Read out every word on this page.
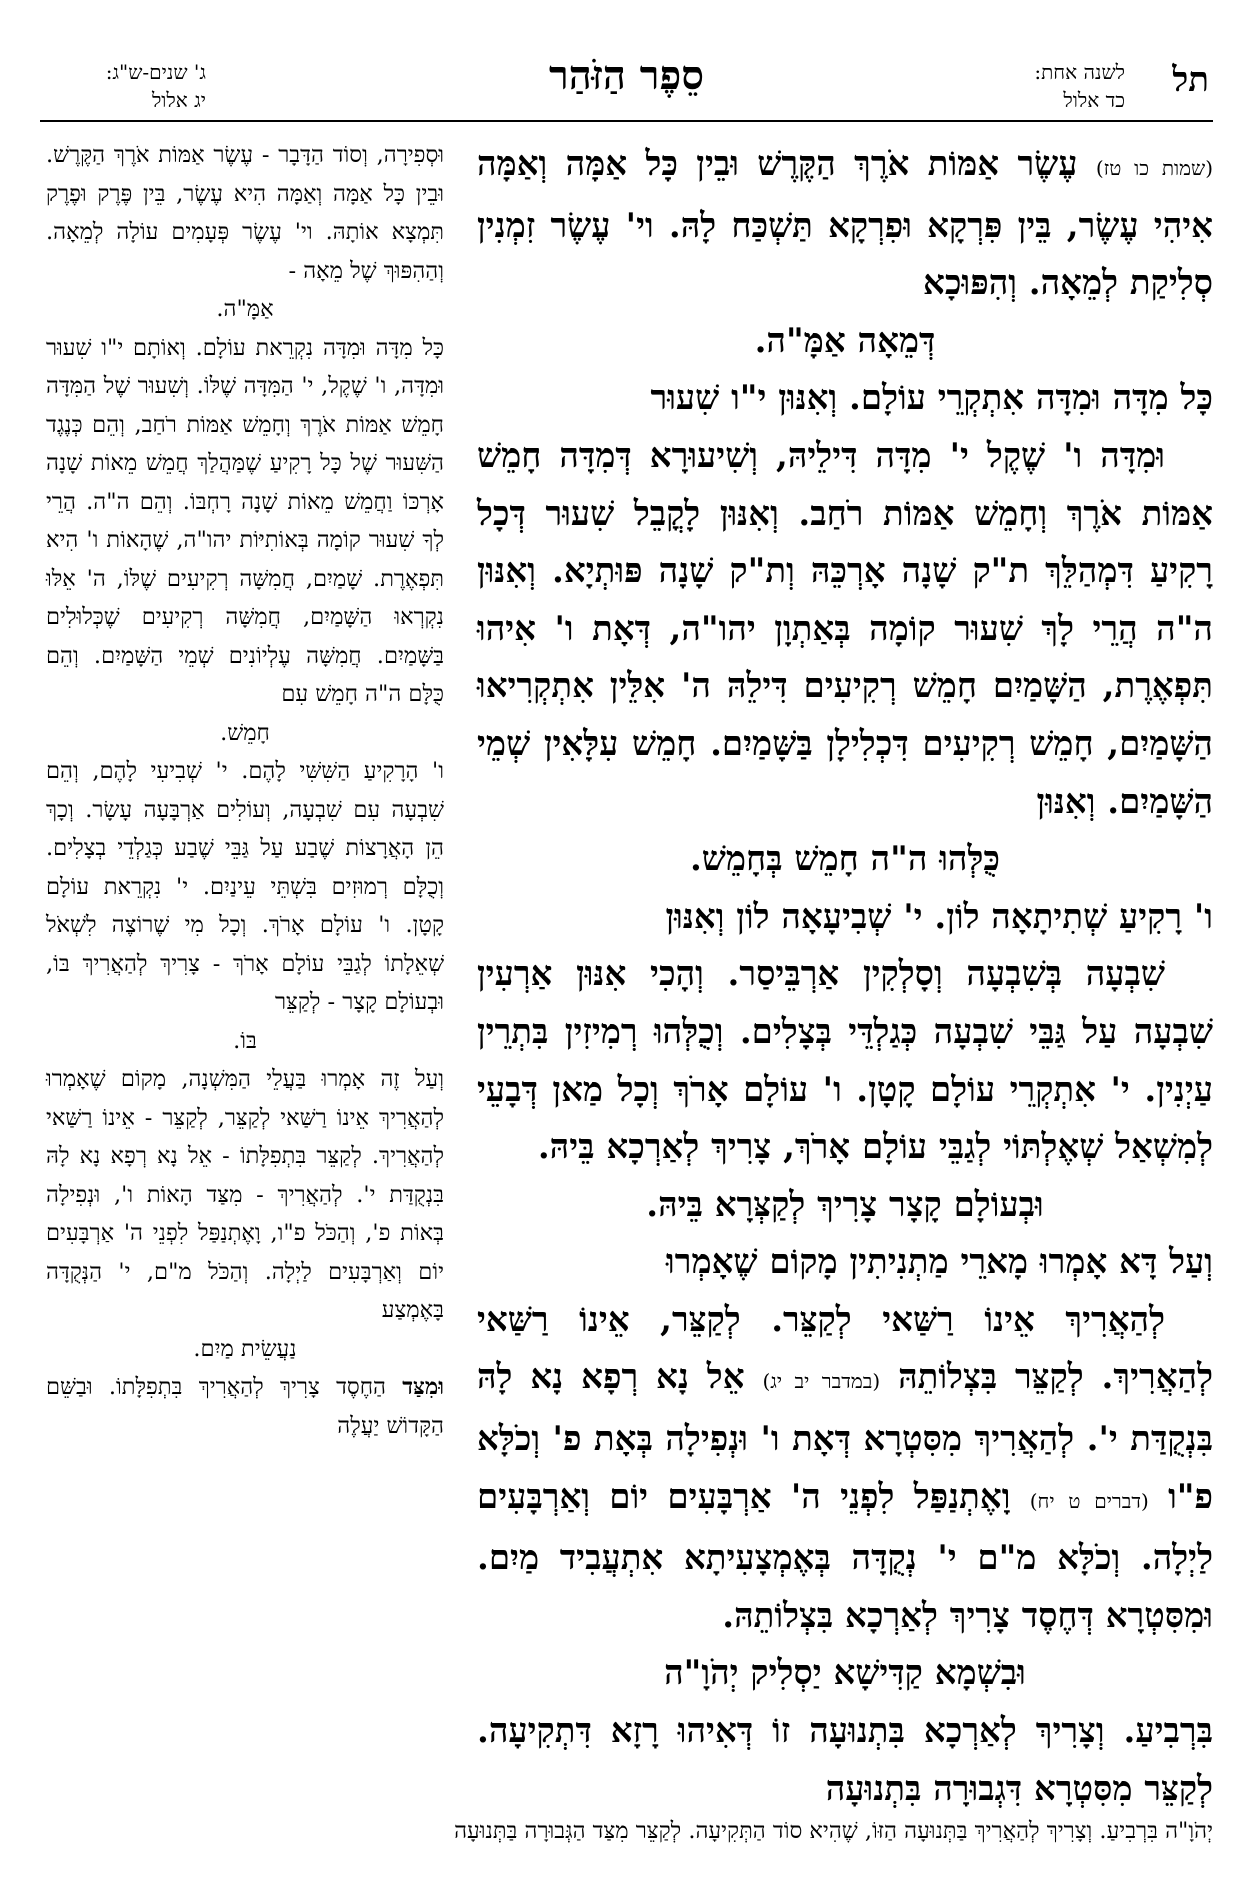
תל
לשנה אחת:
כד אלול
סֵפֶר הַזֹּהַר
ג' שנים-ש"ג:
יג אלול

(שמות כו טז) עֶשֶׂר אַמּוֹת אֹרֶךְ הַקֶּרֶשׁ וּבֵין כָּל אַמָּה וְאַמָּה אִיהִי עֶשֶׂר, בֵּין פִּרְקָא וּפִרְקָא תַּשְׁכַּח לָהּ. וי' עֶשֶׂר זִמְנִין סְלִיקַת לְמֵאָה. וְהִפּוּכָא

דְּמֵאָה אַמָּ"ה.

כָּל מִדָּה וּמִדָּה אִתְקְרֵי עוֹלָם. וְאִנּוּן י"ו שִׁעוּר

וּמִדָּה ו' שֶׁקֶל י' מִדָּה דִּילֵיהּ, וְשִׁיעוּרָא דְּמִדָּה חָמֵשׁ אַמּוֹת אֹרֶךְ וְחָמֵשׁ אַמּוֹת רֹחַב. וְאִנּוּן לָקֳבֵל שִׁעוּר דְּכָל רָקִיעַ דִּמְהַלֵּךְ ת"ק שָׁנָה אָרְכֵּהּ וְת"ק שָׁנָה פּוּתְיָא. וְאִנּוּן ה"ה הֲרֵי לָךְ שִׁעוּר קוֹמָה בְּאַתְוָן יהו"ה, דְּאָת ו' אִיהוּ תִּפְאֶרֶת, הַשָּׁמַיִם חָמֵשׁ רְקִיעִים דִּילֵהּ ה' אִלֵּין אִתְקְרִיאוּ הַשָּׁמַיִם, חָמֵשׁ רְקִיעִים דִּכְלִילָן בַּשָּׁמַיִם. חָמֵשׁ עִלָּאִין שְׁמֵי הַשָּׁמַיִם. וְאִנּוּן

כֻּלְּהוּ ה"ה חָמֵשׁ בְּחָמֵשׁ.

ו' רָקִיעַ שְׁתִיתָאָה לוֹן. י' שְׁבִיעָאָה לוֹן וְאִנּוּן

שִׁבְעָה בְּשִׁבְעָה וְסָלְקִין אַרְבֵּיסַר. וְהָכִי אִנּוּן אַרְעִין שִׁבְעָה עַל גַּבֵּי שִׁבְעָה כְּגַלְדֵּי בְּצָלִים. וְכֻלְּהוּ רְמִיזִין בִּתְרֵין עַיְנִין. י' אִתְקְרֵי עוֹלָם קָטָן. ו' עוֹלָם אָרֹךְ וְכָל מַאן דְּבָעֵי לְמִשְׁאַל שְׁאֶלְתּוֹי לְגַבֵּי עוֹלָם אָרֹךְ, צָרִיךְ לְאַרְכָא בֵּיהּ.

וּבְעוֹלָם קָצָר צָרִיךְ לְקַצְּרָא בֵּיהּ.

וְעַל דָּא אָמְרוּ מָארֵי מַתְנִיתִין מָקוֹם שֶׁאָמְרוּ

לְהַאֲרִיךְ אֵינוֹ רַשַּׁאי לְקַצֵּר. לְקַצֵּר, אֵינוֹ רַשַּׁאי לְהַאֲרִיךְ. לְקַצֵּר בִּצְלוֹתֵהּ (במדבר יב יג) אֵל נָא רְפָא נָא לָהּ בִּנְקֻדַּת י'. לְהַאֲרִיךְ מִסִּטְרָא דְּאָת ו' וּנְפִילָה בְּאָת פ' וְכֹלָּא פ"ו (דברים ט יח) וָאֶתְנַפַּל לִפְנֵי ה' אַרְבָּעִים יוֹם וְאַרְבָּעִים לַיְלָה. וְכֹלָּא מ"ם י' נְקֻדָּה בְּאֶמְצָעִיתָא אִתְעֲבִיד מַיִם. וּמִסִּטְרָא דְּחֶסֶד צָרִיךְ לְאַרְכָא בִּצְלוֹתֵהּ.

וּבִשְׁמָא קַדִּישָׁא יַסְלִיק יְהֹוָ"ה

בִּרְבִיעַ. וְצָרִיךְ לְאַרְכָא בִּתְנוּעָה זוֹ דְּאִיהוּ רָזָא דִּתְקִיעָה. לְקַצֵּר מִסִּטְרָא דִּגְבוּרָה בִּתְנוּעָה

וּסְפִירָה, וְסוֹד הַדָּבָר - עֶשֶׂר אַמּוֹת אֹרֶךְ הַקֶּרֶשׁ. וּבֵין כָּל אַמָּה וְאַמָּה הִיא עֶשֶׂר, בֵּין פֶּרֶק וּפֶרֶק תִּמְצָא אוֹתָהּ. וי' עֶשֶׂר פְּעָמִים עוֹלָה לְמֵאָה. וְהַהִפּוּךְ שֶׁל מֵאָה -

אַמָּ"ה.

כָּל מִדָּה וּמִדָּה נִקְרֵאת עוֹלָם. וְאוֹתָם י"ו שִׁעוּר וּמִדָּה, ו' שֶׁקֶל, י' הַמִּדָּה שֶׁלּוֹ. וְשִׁעוּר שֶׁל הַמִּדָּה חָמֵשׁ אַמּוֹת אֹרֶךְ וְחָמֵשׁ אַמּוֹת רֹחַב, וְהֵם כְּנֶגֶד הַשִּׁעוּר שֶׁל כָּל רָקִיעַ שֶׁמַּהֲלַךְ חֲמֵשׁ מֵאוֹת שָׁנָה אָרְכּוֹ וַחֲמֵשׁ מֵאוֹת שָׁנָה רָחְבּוֹ. וְהֵם ה"ה. הֲרֵי לְךָ שִׁעוּר קוֹמָה בְּאוֹתִיּוֹת יהו"ה, שֶׁהָאוֹת ו' הִיא תִּפְאֶרֶת. שָׁמַיִם, חֲמִשָּׁה רְקִיעִים שֶׁלּוֹ, ה' אֵלּוּ נִקְרְאוּ הַשָּׁמַיִם, חֲמִשָּׁה רְקִיעִים שֶׁכְּלוּלִים בַּשָּׁמַיִם. חֲמִשָּׁה עֶלְיוֹנִים שְׁמֵי הַשָּׁמַיִם. וְהֵם כֻּלָּם ה"ה חָמֵשׁ עִם

חָמֵשׁ.

ו' הָרָקִיעַ הַשִּׁשִּׁי לָהֶם. י' שְׁבִיעִי לָהֶם, וְהֵם שִׁבְעָה עִם שִׁבְעָה, וְעוֹלִים אַרְבָּעָה עָשָׂר. וְכָךְ הֵן הָאֲרָצוֹת שֶׁבַע עַל גַּבֵּי שֶׁבַע כְּגַלְדֵי בְצָלִים. וְכֻלָּם רְמוּזִים בִּשְׁתֵּי עֵינַיִם. י' נִקְרֵאת עוֹלָם קָטָן. ו' עוֹלָם אָרֹךְ. וְכָל מִי שֶׁרוֹצֶה לִשְׁאֹל שְׁאֵלָתוֹ לְגַבֵּי עוֹלָם אָרֹךְ - צָרִיךְ לְהַאֲרִיךְ בּוֹ, וּבְעוֹלָם קָצָר - לְקַצֵּר

בּוֹ.

וְעַל זֶה אָמְרוּ בַּעֲלֵי הַמִּשְׁנָה, מָקוֹם שֶׁאָמְרוּ לְהַאֲרִיךְ אֵינוֹ רַשַּׁאי לְקַצֵּר, לְקַצֵּר - אֵינוֹ רַשַּׁאי לְהַאֲרִיךְ. לְקַצֵּר בִּתְפִלָּתוֹ - אֵל נָא רְפָא נָא לָהּ בִּנְקֻדַּת י'. לְהַאֲרִיךְ - מִצַּד הָאוֹת ו', וּנְפִילָה בְּאוֹת פ', וְהַכֹּל פ"ו, וָאֶתְנַפַּל לִפְנֵי ה' אַרְבָּעִים יוֹם וְאַרְבָּעִים לַיְלָה. וְהַכֹּל מ"ם, י' הַנְּקֻדָּה בָּאֶמְצַע

נַעֲשֵׂית מַיִם.

וּמִצַּד הַחֶסֶד צָרִיךְ לְהַאֲרִיךְ בִּתְפִלָּתוֹ. וּבַשֵּׁם הַקָּדוֹשׁ יַעֲלֶה

יְהֹוָ"ה בִּרְבִיעַ. וְצָרִיךְ לְהַאֲרִיךְ בַּתְּנוּעָה הַזּוֹ, שֶׁהִיא סוֹד הַתְּקִיעָה. לְקַצֵּר מִצַּד הַגְּבוּרָה בַּתְּנוּעָה
